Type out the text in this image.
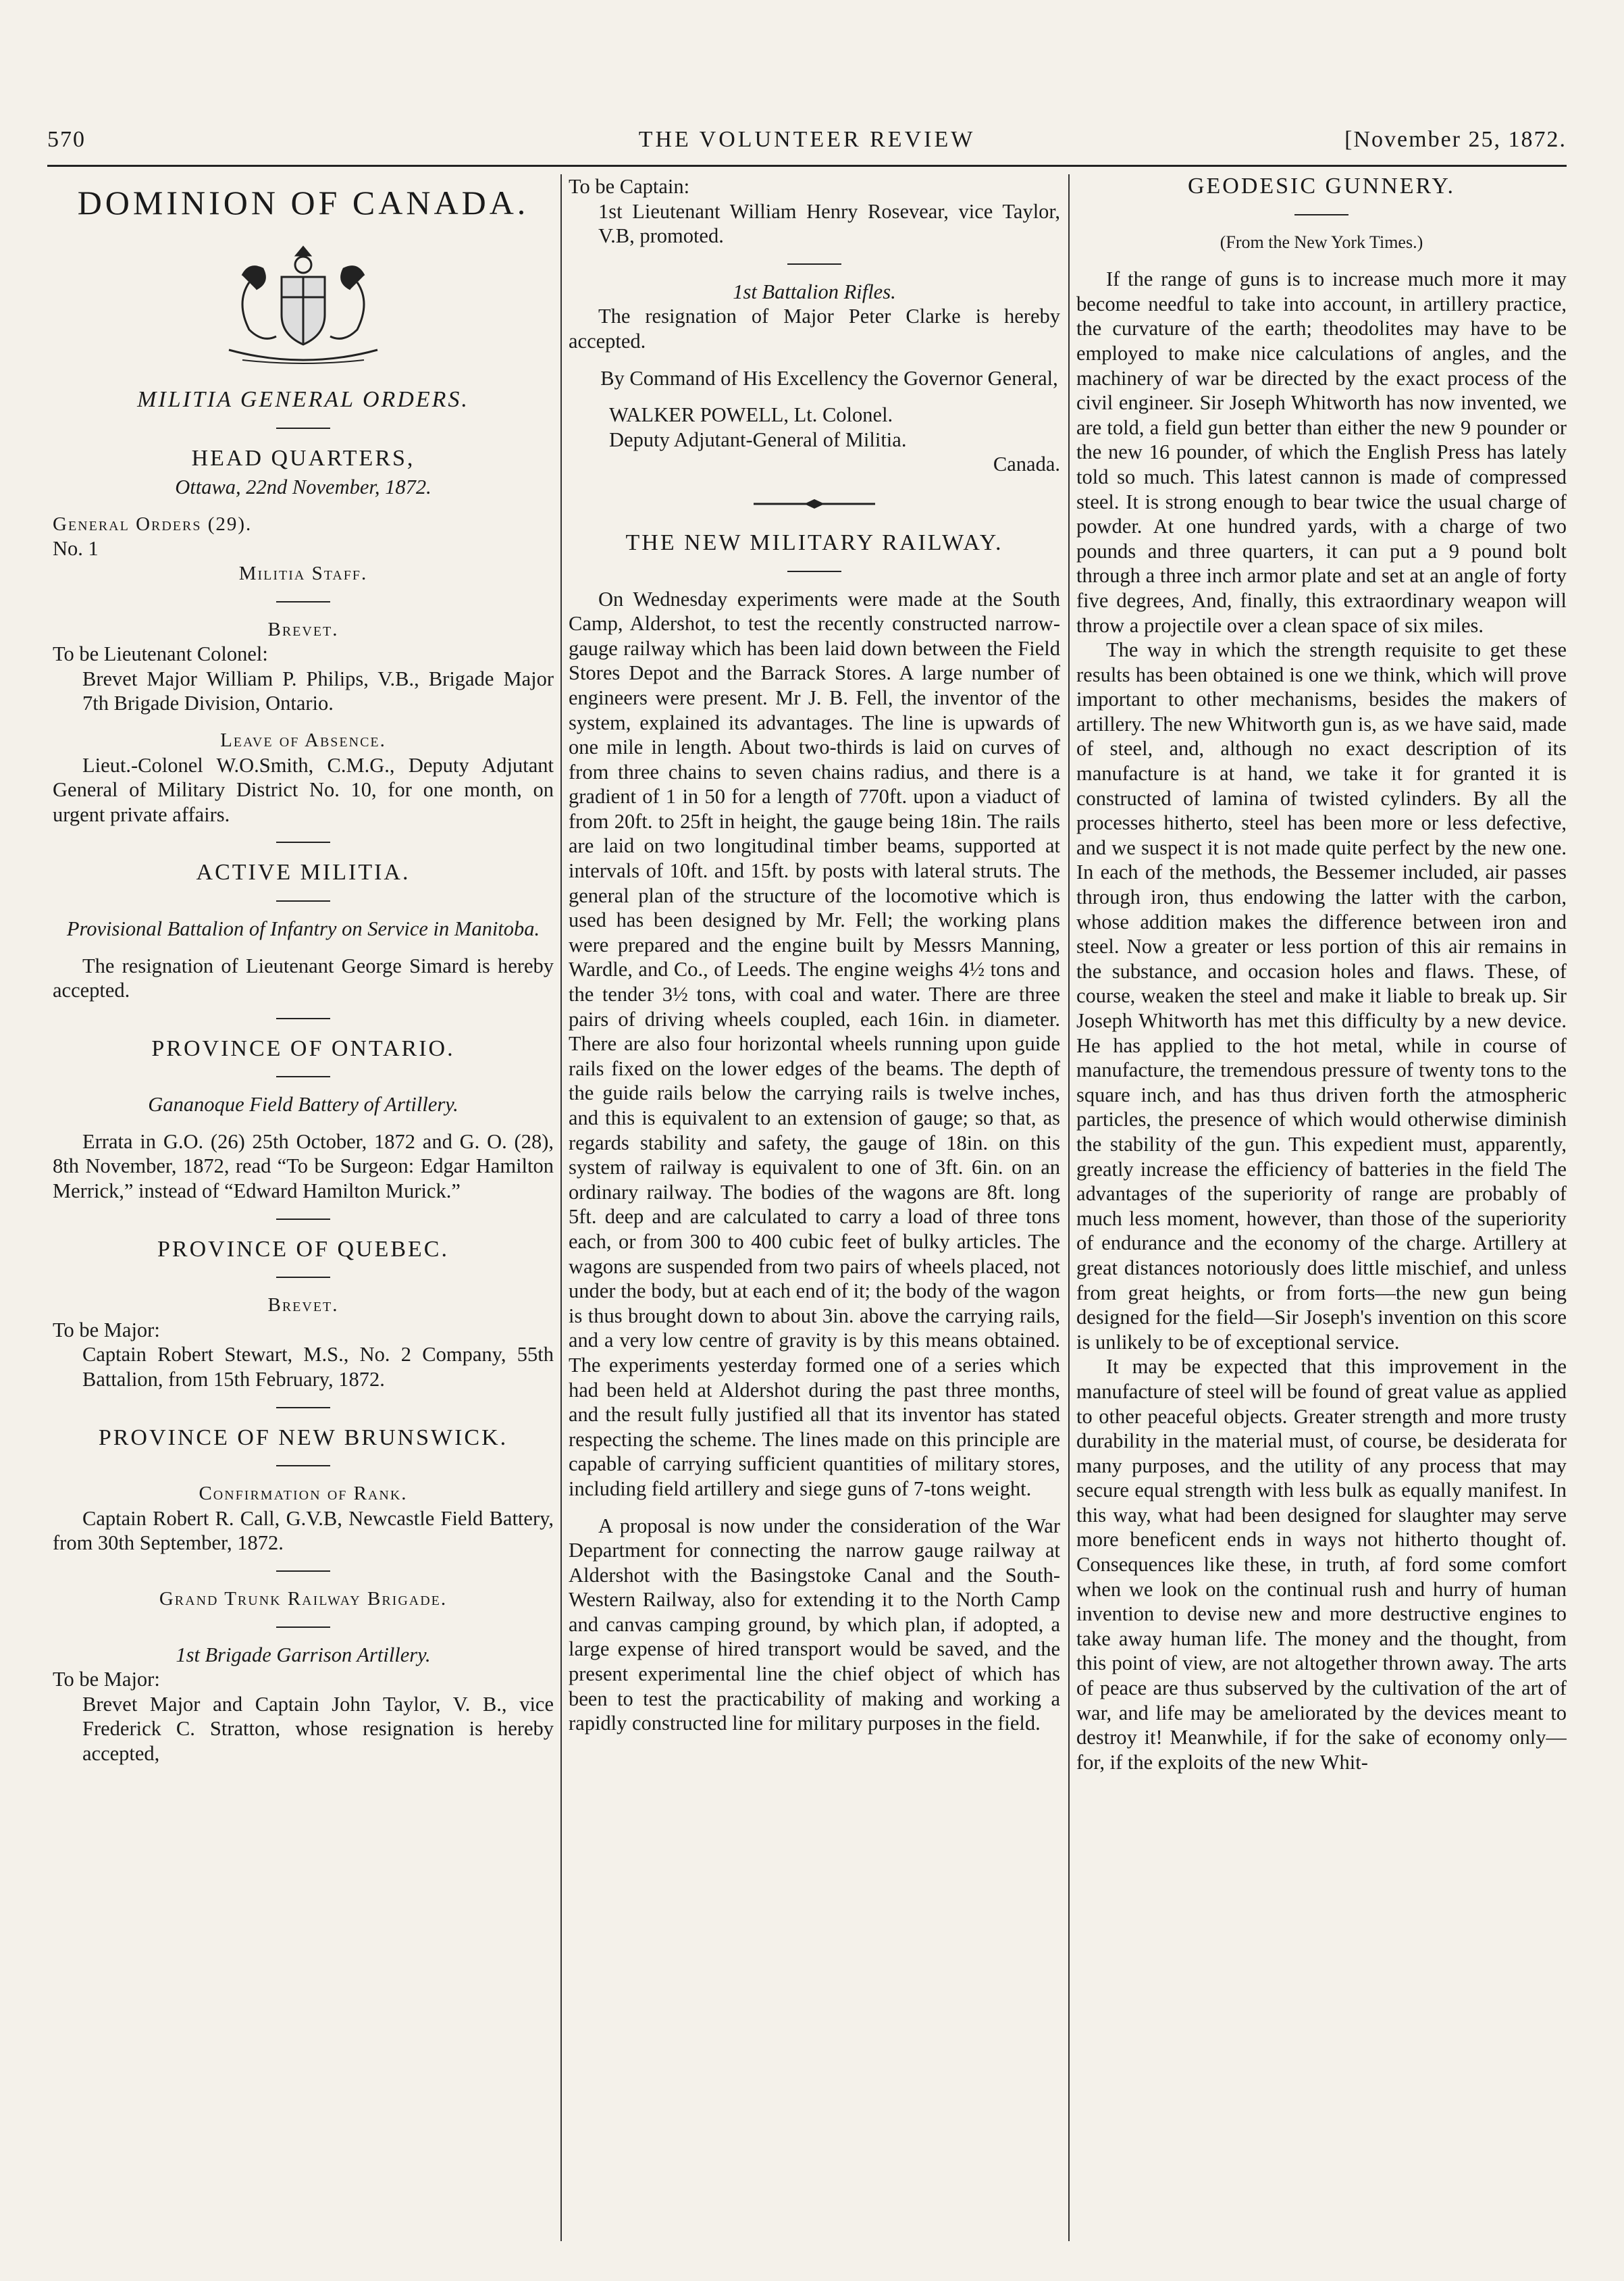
570	THE VOLUNTEER REVIEW	[November 25, 1872.
DOMINION OF CANADA.
MILITIA GENERAL ORDERS.
HEAD QUARTERS,
Ottawa, 22nd November, 1872.

General Orders (29).

No. 1

Militia Staff.
Brevet.

To be Lieutenant Colonel:

Brevet Major William P. Philips, V.B., Brigade Major 7th Brigade Division, Ontario.

Leave of Absence.

Lieut.-Colonel W.O.Smith, C.M.G., Deputy Adjutant General of Military District No. 10, for one month, on urgent private affairs.

ACTIVE MILITIA.
Provisional Battalion of Infantry on Service in Manitoba.

The resignation of Lieutenant George Simard is hereby accepted.

PROVINCE OF ONTARIO.
Gananoque Field Battery of Artillery.

Errata in G.O. (26) 25th October, 1872 and G. O. (28), 8th November, 1872, read “To be Surgeon: Edgar Hamilton Merrick,” instead of “Edward Hamilton Murick.”

PROVINCE OF QUEBEC.
Brevet.

To be Major:

Captain Robert Stewart, M.S., No. 2 Company, 55th Battalion, from 15th February, 1872.

PROVINCE OF NEW BRUNSWICK.
Confirmation of Rank.

Captain Robert R. Call, G.V.B, Newcastle Field Battery, from 30th September, 1872.

Grand Trunk Railway Brigade.
1st Brigade Garrison Artillery.

To be Major:

Brevet Major and Captain John Taylor, V. B., vice Frederick C. Stratton, whose resignation is hereby accepted,

To be Captain:

1st Lieutenant William Henry Rosevear, vice Taylor, V.B, promoted.

1st Battalion Rifles.

The resignation of Major Peter Clarke is hereby accepted.

By Command of His Excellency the Governor General,

WALKER POWELL, Lt. Colonel.

Deputy Adjutant-General of Militia.

Canada.

THE NEW MILITARY RAILWAY.

On Wednesday experiments were made at the South Camp, Aldershot, to test the recently constructed narrow-gauge railway which has been laid down between the Field Stores Depot and the Barrack Stores. A large number of engineers were present. Mr J. B. Fell, the inventor of the system, explained its advantages. The line is upwards of one mile in length. About two-thirds is laid on curves of from three chains to seven chains radius, and there is a gradient of 1 in 50 for a length of 770ft. upon a viaduct of from 20ft. to 25ft in height, the gauge being 18in. The rails are laid on two longitudinal timber beams, supported at intervals of 10ft. and 15ft. by posts with lateral struts. The general plan of the structure of the locomotive which is used has been designed by Mr. Fell; the working plans were prepared and the engine built by Messrs Manning, Wardle, and Co., of Leeds. The engine weighs 4½ tons and the tender 3½ tons, with coal and water. There are three pairs of driving wheels coupled, each 16in. in diameter. There are also four horizontal wheels running upon guide rails fixed on the lower edges of the beams. The depth of the guide rails below the carrying rails is twelve inches, and this is equivalent to an extension of gauge; so that, as regards stability and safety, the gauge of 18in. on this system of railway is equivalent to one of 3ft. 6in. on an ordinary railway. The bodies of the wagons are 8ft. long 5ft. deep and are calculated to carry a load of three tons each, or from 300 to 400 cubic feet of bulky articles. The wagons are suspended from two pairs of wheels placed, not under the body, but at each end of it; the body of the wagon is thus brought down to about 3in. above the carrying rails, and a very low centre of gravity is by this means obtained. The experiments yesterday formed one of a series which had been held at Aldershot during the past three months, and the result fully justified all that its inventor has stated respecting the scheme. The lines made on this principle are capable of carrying sufficient quantities of military stores, including field artillery and siege guns of 7-tons weight.

A proposal is now under the consideration of the War Department for connecting the narrow gauge railway at Aldershot with the Basingstoke Canal and the South-Western Railway, also for extending it to the North Camp and canvas camping ground, by which plan, if adopted, a large expense of hired transport would be saved, and the present experimental line the chief object of which has been to test the practicability of making and working a rapidly constructed line for military purposes in the field.

GEODESIC GUNNERY.
(From the New York Times.)

If the range of guns is to increase much more it may become needful to take into account, in artillery practice, the curvature of the earth; theodolites may have to be employed to make nice calculations of angles, and the machinery of war be directed by the exact process of the civil engineer. Sir Joseph Whitworth has now invented, we are told, a field gun better than either the new 9 pounder or the new 16 pounder, of which the English Press has lately told so much. This latest cannon is made of compressed steel. It is strong enough to bear twice the usual charge of powder. At one hundred yards, with a charge of two pounds and three quarters, it can put a 9 pound bolt through a three inch armor plate and set at an angle of forty five degrees, And, finally, this extraordinary weapon will throw a projectile over a clean space of six miles.

The way in which the strength requisite to get these results has been obtained is one we think, which will prove important to other mechanisms, besides the makers of artillery. The new Whitworth gun is, as we have said, made of steel, and, although no exact description of its manufacture is at hand, we take it for granted it is constructed of lamina of twisted cylinders. By all the processes hitherto, steel has been more or less defective, and we suspect it is not made quite perfect by the new one. In each of the methods, the Bessemer included, air passes through iron, thus endowing the latter with the carbon, whose addition makes the difference between iron and steel. Now a greater or less portion of this air remains in the substance, and occasion holes and flaws. These, of course, weaken the steel and make it liable to break up. Sir Joseph Whitworth has met this difficulty by a new device. He has applied to the hot metal, while in course of manufacture, the tremendous pressure of twenty tons to the square inch, and has thus driven forth the atmospheric particles, the presence of which would otherwise diminish the stability of the gun. This expedient must, apparently, greatly increase the efficiency of batteries in the field The advantages of the superiority of range are probably of much less moment, however, than those of the superiority of endurance and the economy of the charge. Artillery at great distances notoriously does little mischief, and unless from great heights, or from forts—the new gun being designed for the field—Sir Joseph's invention on this score is unlikely to be of exceptional service.

It may be expected that this improvement in the manufacture of steel will be found of great value as applied to other peaceful objects. Greater strength and more trusty durability in the material must, of course, be desiderata for many purposes, and the utility of any process that may secure equal strength with less bulk as equally manifest. In this way, what had been designed for slaughter may serve more beneficent ends in ways not hitherto thought of. Consequences like these, in truth, af ford some comfort when we look on the continual rush and hurry of human invention to devise new and more destructive engines to take away human life. The money and the thought, from this point of view, are not altogether thrown away. The arts of peace are thus subserved by the cultivation of the art of war, and life may be ameliorated by the devices meant to destroy it! Meanwhile, if for the sake of economy only—for, if the exploits of the new Whit-
